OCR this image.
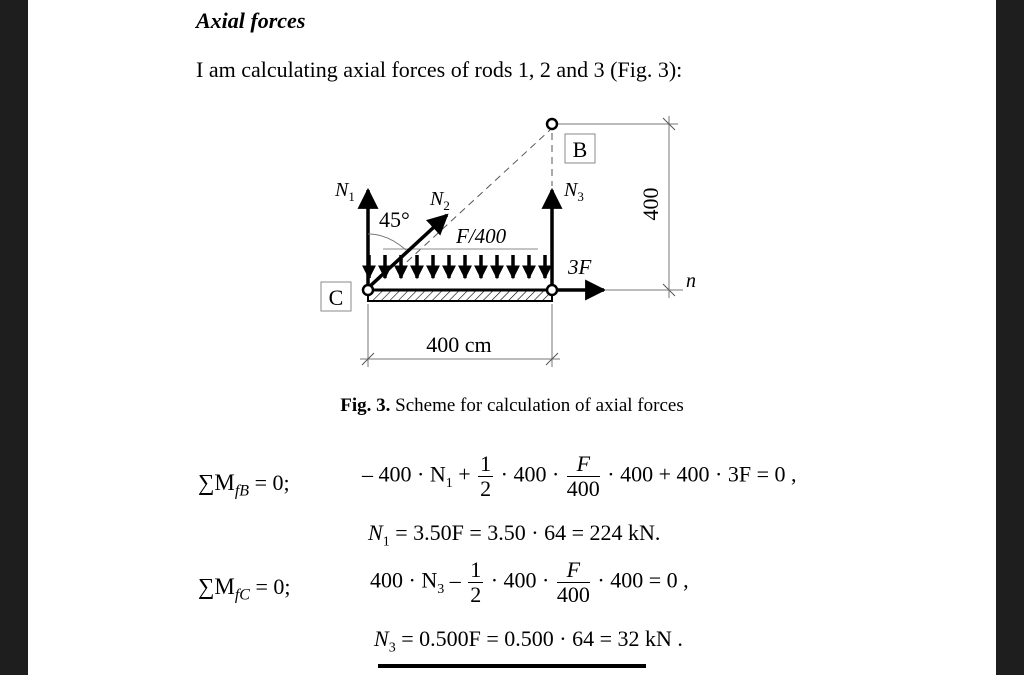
Axial forces
I am calculating axial forces of rods 1, 2 and 3 (Fig. 3):
400
n
B
F/400
$N_1$	$N_2$
45°
$N_3$
3F
C
400 cm
Fig. 3. Scheme for calculation of axial forces
$\sum M_{fB} = 0$;	– $400 \cdot N_1 + \frac{1}{2} \cdot 400 \cdot \frac{F}{400} \cdot 400 + 400 \cdot 3F = 0$ ,
$N_1 = 3.50F = 3.50 \cdot 64 = 224$ kN.
$\sum M_{fC} = 0$;	$400 \cdot N_3 - \frac{1}{2} \cdot 400 \cdot \frac{F}{400} \cdot 400 = 0$ ,
$N_3 = 0.500F = 0.500 \cdot 64 = 32$ kN .
